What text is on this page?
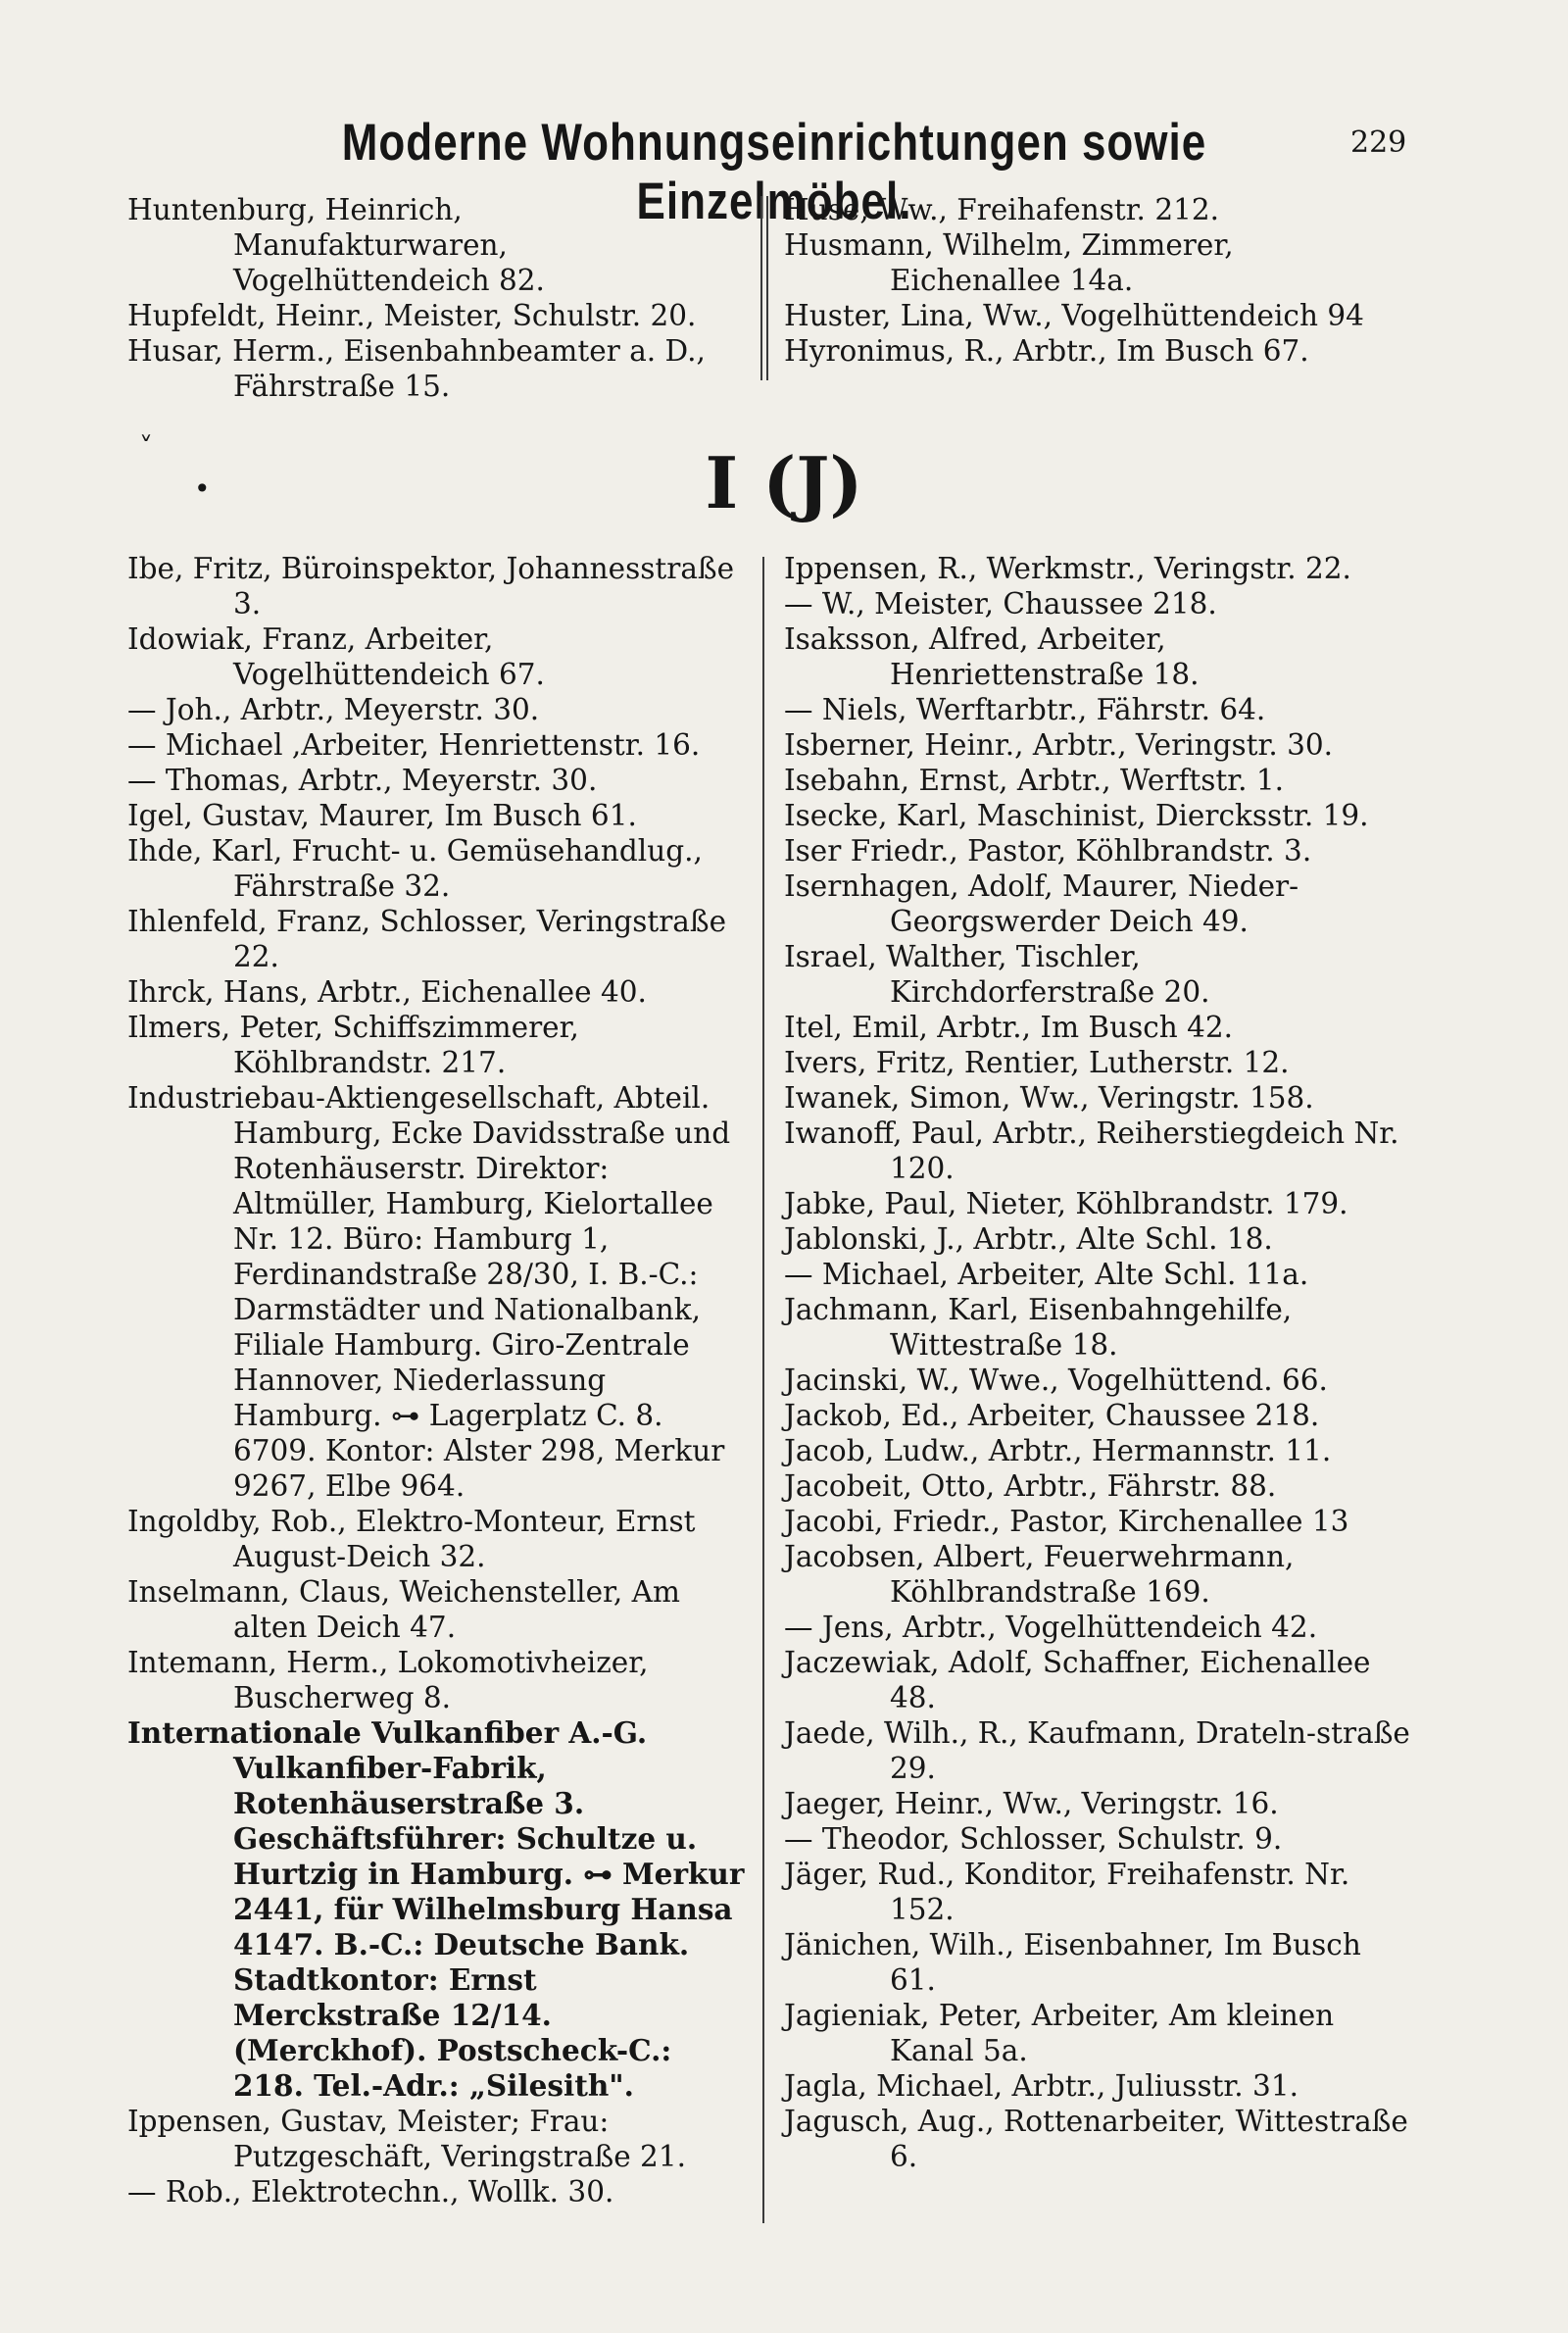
Moderne Wohnungseinrichtungen sowie Einzelmöbel.
229

Huntenburg, Heinrich, Manufakturwaren, Vogelhüttendeich 82.

Hupfeldt, Heinr., Meister, Schulstr. 20.

Husar, Herm., Eisenbahnbeamter a. D., Fährstraße 15.

Huse, Ww., Freihafenstr. 212.

Husmann, Wilhelm, Zimmerer, Eichenallee 14a.

Huster, Lina, Ww., Vogelhüttendeich 94

Hyronimus, R., Arbtr., Im Busch 67.

˅
•	I (J)

Ibe, Fritz, Büroinspektor, Johannesstraße 3.

Idowiak, Franz, Arbeiter, Vogelhüttendeich 67.

— Joh., Arbtr., Meyerstr. 30.

— Michael ,Arbeiter, Henriettenstr. 16.

— Thomas, Arbtr., Meyerstr. 30.

Igel, Gustav, Maurer, Im Busch 61.

Ihde, Karl, Frucht- u. Gemüsehandlug., Fährstraße 32.

Ihlenfeld, Franz, Schlosser, Veringstraße 22.

Ihrck, Hans, Arbtr., Eichenallee 40.

Ilmers, Peter, Schiffszimmerer, Köhlbrandstr. 217.

Industriebau-Aktiengesellschaft, Abteil. Hamburg, Ecke Davidsstraße und Rotenhäuserstr. Direktor: Altmüller, Hamburg, Kielortallee Nr. 12. Büro: Hamburg 1, Ferdinandstraße 28/30, I. B.-C.: Darmstädter und Nationalbank, Filiale Hamburg. Giro-Zentrale Hannover, Niederlassung Hamburg. ⊶ Lagerplatz C. 8. 6709. Kontor: Alster 298, Merkur 9267, Elbe 964.

Ingoldby, Rob., Elektro-Monteur, Ernst August-Deich 32.

Inselmann, Claus, Weichensteller, Am alten Deich 47.

Intemann, Herm., Lokomotivheizer, Buscherweg 8.

Internationale Vulkanfiber A.-G. Vulkanfiber-Fabrik, Rotenhäuserstraße 3. Geschäftsführer: Schultze u. Hurtzig in Hamburg. ⊶ Merkur 2441, für Wilhelmsburg Hansa 4147. B.-C.: Deutsche Bank. Stadtkontor: Ernst Merckstraße 12/14. (Merckhof). Postscheck-C.: 218. Tel.-Adr.: „Silesith".

Ippensen, Gustav, Meister; Frau: Putzgeschäft, Veringstraße 21.

— Rob., Elektrotechn., Wollk. 30.

Ippensen, R., Werkmstr., Veringstr. 22.

— W., Meister, Chaussee 218.

Isaksson, Alfred, Arbeiter, Henriettenstraße 18.

— Niels, Werftarbtr., Fährstr. 64.

Isberner, Heinr., Arbtr., Veringstr. 30.

Isebahn, Ernst, Arbtr., Werftstr. 1.

Isecke, Karl, Maschinist, Diercksstr. 19.

Iser Friedr., Pastor, Köhlbrandstr. 3.

Isernhagen, Adolf, Maurer, Nieder-Georgswerder Deich 49.

Israel, Walther, Tischler, Kirchdorferstraße 20.

Itel, Emil, Arbtr., Im Busch 42.

Ivers, Fritz, Rentier, Lutherstr. 12.

Iwanek, Simon, Ww., Veringstr. 158.

Iwanoff, Paul, Arbtr., Reiherstiegdeich Nr. 120.

Jabke, Paul, Nieter, Köhlbrandstr. 179.

Jablonski, J., Arbtr., Alte Schl. 18.

— Michael, Arbeiter, Alte Schl. 11a.

Jachmann, Karl, Eisenbahngehilfe, Wittestraße 18.

Jacinski, W., Wwe., Vogelhüttend. 66.

Jackob, Ed., Arbeiter, Chaussee 218.

Jacob, Ludw., Arbtr., Hermannstr. 11.

Jacobeit, Otto, Arbtr., Fährstr. 88.

Jacobi, Friedr., Pastor, Kirchenallee 13

Jacobsen, Albert, Feuerwehrmann, Köhlbrandstraße 169.

— Jens, Arbtr., Vogelhüttendeich 42.

Jaczewiak, Adolf, Schaffner, Eichenallee 48.

Jaede, Wilh., R., Kaufmann, Drateln-straße 29.

Jaeger, Heinr., Ww., Veringstr. 16.

— Theodor, Schlosser, Schulstr. 9.

Jäger, Rud., Konditor, Freihafenstr. Nr. 152.

Jänichen, Wilh., Eisenbahner, Im Busch 61.

Jagieniak, Peter, Arbeiter, Am kleinen Kanal 5a.

Jagla, Michael, Arbtr., Juliusstr. 31.

Jagusch, Aug., Rottenarbeiter, Wittestraße 6.
